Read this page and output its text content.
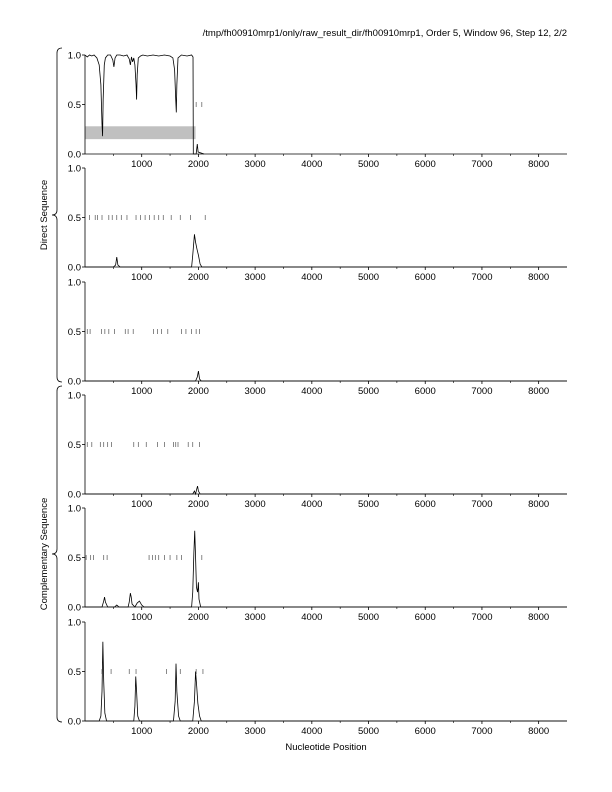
/tmp/fh00910mrp1/only/raw_result_dir/fh00910mrp1, Order 5, Window 96, Step 12, 2/2
0.0
0.5
1.0
1000	2000	3000	4000	5000	6000	7000	8000
0.0
0.5
1.0
1000	2000	3000	4000	5000	6000	7000	8000
0.0
0.5
1.0
1000	2000	3000	4000	5000	6000	7000	8000
0.0
0.5
1.0
1000	2000	3000	4000	5000	6000	7000	8000
0.0
0.5
1.0
1000	2000	3000	4000	5000	6000	7000	8000
0.0
0.5
1.0
1000	2000	3000	4000	5000	6000	7000	8000
Direct Sequence
Complementary Sequence
Nucleotide Position
